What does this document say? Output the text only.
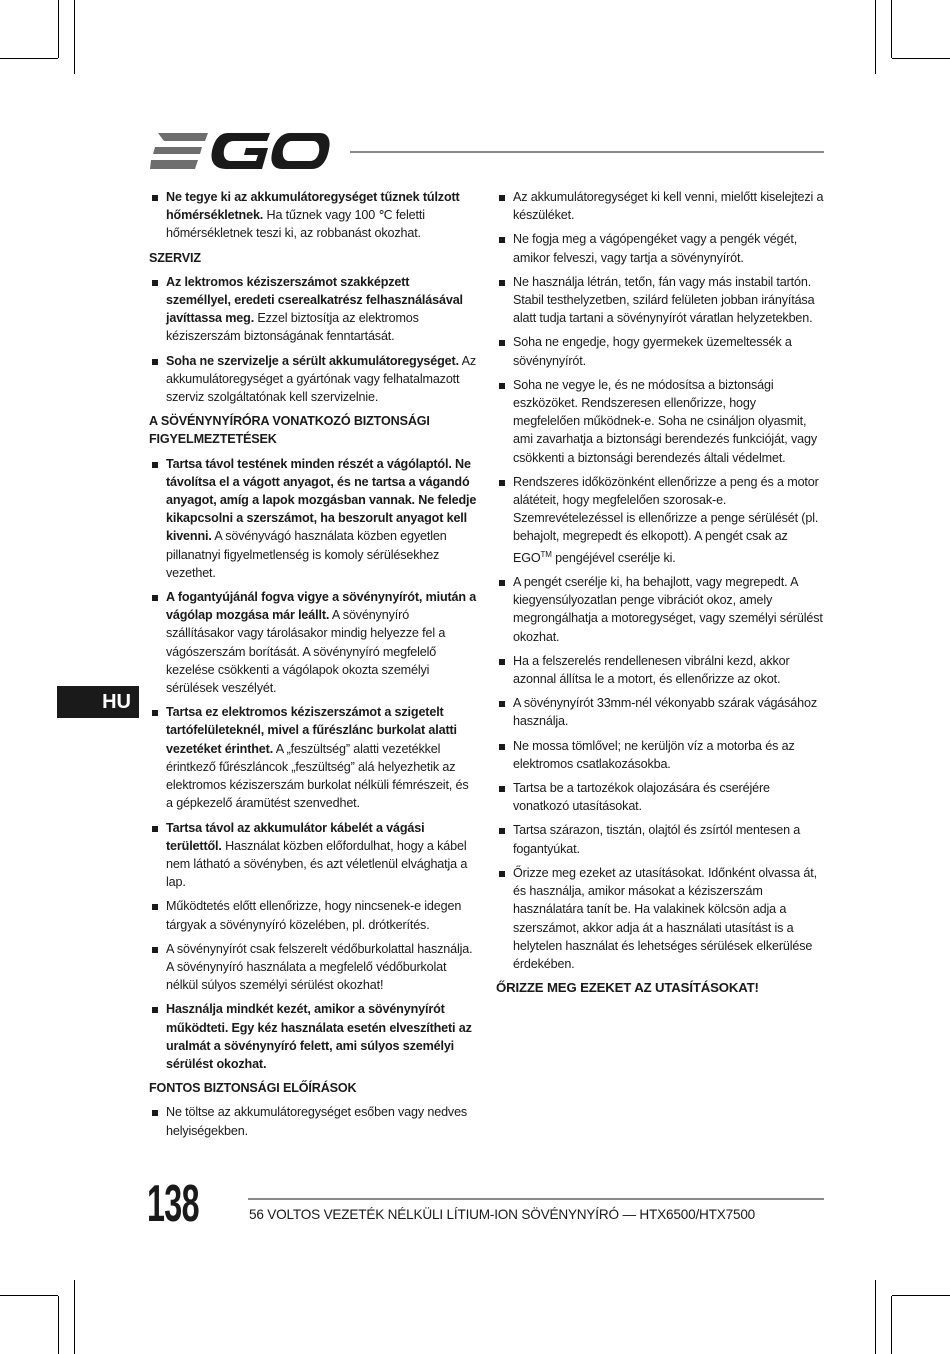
Ne tegye ki az akkumulátoregységet tűznek túlzott hőmérsékletnek. Ha tűznek vagy 100 ℃ feletti hőmérsékletnek teszi ki, az robbanást okozhat.
SZERVIZ
Az lektromos kéziszerszámot szakképzett személlyel, eredeti cserealkatrész felhasználásával javíttassa meg. Ezzel biztosítja az elektromos kéziszerszám biztonságának fenntartását.
Soha ne szervizelje a sérült akkumulátoregységet. Az akkumulátoregységet a gyártónak vagy felhatalmazott szerviz szolgáltatónak kell szervizelnie.
A SÖVÉNYNYÍRÓRA VONATKOZÓ BIZTONSÁGI FIGYELMEZTETÉSEK
Tartsa távol testének minden részét a vágólaptól. Ne távolítsa el a vágott anyagot, és ne tartsa a vágandó anyagot, amíg a lapok mozgásban vannak. Ne feledje kikapcsolni a szerszámot, ha beszorult anyagot kell kivenni. A sövényvágó használata közben egyetlen pillanatnyi figyelmetlenség is komoly sérülésekhez vezethet.
A fogantyújánál fogva vigye a sövénynyírót, miután a vágólap mozgása már leállt. A sövénynyíró szállításakor vagy tárolásakor mindig helyezze fel a vágószerszám borítását. A sövénynyíró megfelelő kezelése csökkenti a vágólapok okozta személyi sérülések veszélyét.
Tartsa ez elektromos kéziszerszámot a szigetelt tartófelületeknél, mivel a fűrészlánc burkolat alatti vezetéket érinthet. A „feszültség” alatti vezetékkel érintkező fűrészláncok „feszültség” alá helyezhetik az elektromos kéziszerszám burkolat nélküli fémrészeit, és a gépkezelő áramütést szenvedhet.
Tartsa távol az akkumulátor kábelét a vágási területtől. Használat közben előfordulhat, hogy a kábel nem látható a sövényben, és azt véletlenül elvághatja a lap.
Működtetés előtt ellenőrizze, hogy nincsenek-e idegen tárgyak a sövénynyíró közelében, pl. drótkerítés.
A sövénynyírót csak felszerelt védőburkolattal használja. A sövénynyíró használata a megfelelő védőburkolat nélkül súlyos személyi sérülést okozhat!
Használja mindkét kezét, amikor a sövénynyírót működteti. Egy kéz használata esetén elveszítheti az uralmát a sövénynyíró felett, ami súlyos személyi sérülést okozhat.
FONTOS BIZTONSÁGI ELŐÍRÁSOK
Ne töltse az akkumulátoregységet esőben vagy nedves helyiségekben.
Az akkumulátoregységet ki kell venni, mielőtt kiselejtezi a készüléket.
Ne fogja meg a vágópengéket vagy a pengék végét, amikor felveszi, vagy tartja a sövénynyírót.
Ne használja létrán, tetőn, fán vagy más instabil tartón. Stabil testhelyzetben, szilárd felületen jobban irányítása alatt tudja tartani a sövénynyírót váratlan helyzetekben.
Soha ne engedje, hogy gyermekek üzemeltessék a sövénynyírót.
Soha ne vegye le, és ne módosítsa a biztonsági eszközöket. Rendszeresen ellenőrizze, hogy megfelelően működnek-e. Soha ne csináljon olyasmit, ami zavarhatja a biztonsági berendezés funkcióját, vagy csökkenti a biztonsági berendezés általi védelmet.
Rendszeres időközönként ellenőrizze a peng és a motor alátéteit, hogy megfelelően szorosak-e. Szemrevételezéssel is ellenőrizze a penge sérülését (pl. behajolt, megrepedt és elkopott). A pengét csak az EGO™ pengéjével cserélje ki.
A pengét cserélje ki, ha behajlott, vagy megrepedt. A kiegyensúlyozatlan penge vibrációt okoz, amely megrongálhatja a motoregységet, vagy személyi sérülést okozhat.
Ha a felszerelés rendellenesen vibrálni kezd, akkor azonnal állítsa le a motort, és ellenőrizze az okot.
A sövénynyírót 33mm-nél vékonyabb szárak vágásához használja.
Ne mossa tömlővel; ne kerüljön víz a motorba és az elektromos csatlakozásokba.
Tartsa be a tartozékok olajozására és cseréjére vonatkozó utasításokat.
Tartsa szárazon, tisztán, olajtól és zsírtól mentesen a fogantyúkat.
Őrizze meg ezeket az utasításokat. Időnként olvassa át, és használja, amikor másokat a kéziszerszám használatára tanít be. Ha valakinek kölcsön adja a szerszámot, akkor adja át a használati utasítást is a helytelen használat és lehetséges sérülések elkerülése érdekében.
ŐRIZZE MEG EZEKET AZ UTASÍTÁSOKAT!
HU
138	56 VOLTOS VEZETÉK NÉLKÜLI LÍTIUM-ION SÖVÉNYNYÍRÓ — HTX6500/HTX7500
